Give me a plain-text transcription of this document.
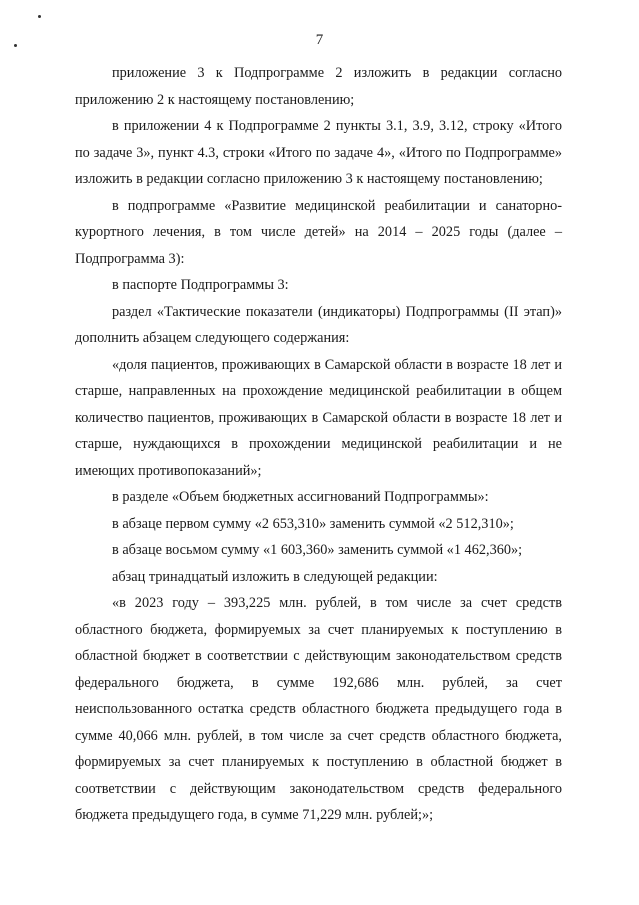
7

приложение 3 к Подпрограмме 2 изложить в редакции согласно приложению 2 к настоящему постановлению;

в приложении 4 к Подпрограмме 2 пункты 3.1, 3.9, 3.12, строку «Итого по задаче 3», пункт 4.3, строки «Итого по задаче 4», «Итого по Подпрограмме» изложить в редакции согласно приложению 3 к настоящему постановлению;

в подпрограмме «Развитие медицинской реабилитации и санаторно-курортного лечения, в том числе детей» на 2014 – 2025 годы (далее – Подпрограмма 3):

в паспорте Подпрограммы 3:

раздел «Тактические показатели (индикаторы) Подпрограммы (II этап)» дополнить абзацем следующего содержания:

«доля пациентов, проживающих в Самарской области в возрасте 18 лет и старше, направленных на прохождение медицинской реабилитации в общем количество пациентов, проживающих в Самарской области в возрасте 18 лет и старше, нуждающихся в прохождении медицинской реабилитации и не имеющих противопоказаний»;

в разделе «Объем бюджетных ассигнований Подпрограммы»:

в абзаце первом сумму «2 653,310» заменить суммой «2 512,310»;

в абзаце восьмом сумму «1 603,360» заменить суммой «1 462,360»;

абзац тринадцатый изложить в следующей редакции:

«в 2023 году – 393,225 млн. рублей, в том числе за счет средств областного бюджета, формируемых за счет планируемых к поступлению в областной бюджет в соответствии с действующим законодательством средств федерального бюджета, в сумме 192,686 млн. рублей, за счет неиспользованного остатка средств областного бюджета предыдущего года в сумме 40,066 млн. рублей, в том числе за счет средств областного бюджета, формируемых за счет планируемых к поступлению в областной бюджет в соответствии с действующим законодательством средств федерального бюджета предыдущего года, в сумме 71,229 млн. рублей;»;
